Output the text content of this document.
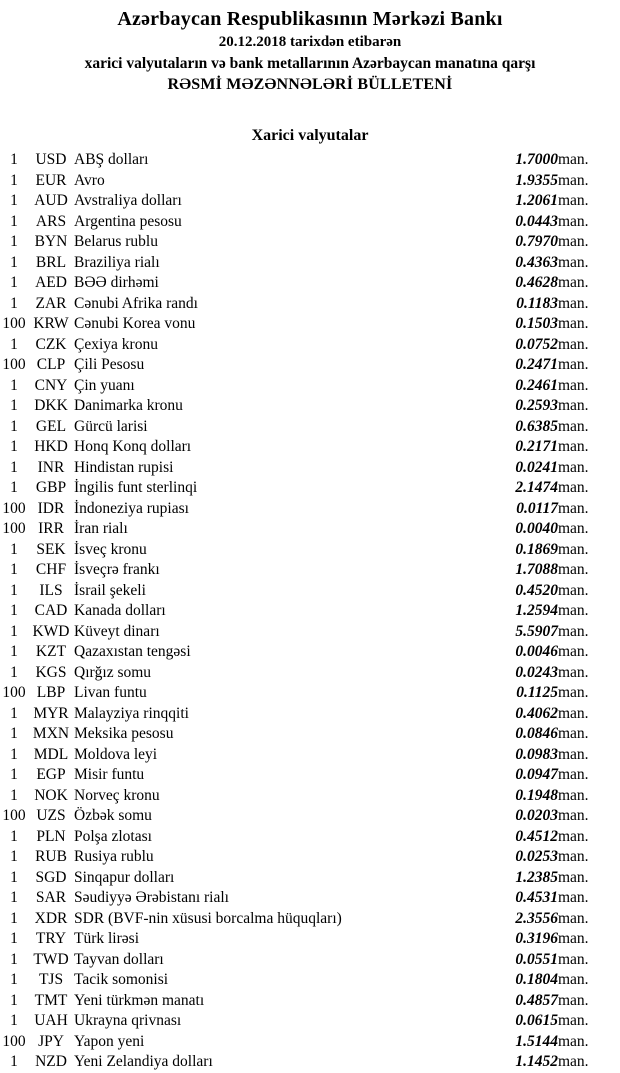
Azərbaycan Respublikasının Mərkəzi Bankı
20.12.2018 tarixdən etibarən
xarici valyutaların və bank metallarının Azərbaycan manatına qarşı
RƏSMİ MƏZƏNNƏLƏRİ BÜLLETENİ
Xarici valyutalar
1	USD	ABŞ dolları	1.7000	man.
1	EUR	Avro	1.9355	man.
1	AUD	Avstraliya dolları	1.2061	man.
1	ARS	Argentina pesosu	0.0443	man.
1	BYN	Belarus rublu	0.7970	man.
1	BRL	Braziliya rialı	0.4363	man.
1	AED	BƏƏ dirhəmi	0.4628	man.
1	ZAR	Cənubi Afrika randı	0.1183	man.
100	KRW	Cənubi Korea vonu	0.1503	man.
1	CZK	Çexiya kronu	0.0752	man.
100	CLP	Çili Pesosu	0.2471	man.
1	CNY	Çin yuanı	0.2461	man.
1	DKK	Danimarka kronu	0.2593	man.
1	GEL	Gürcü larisi	0.6385	man.
1	HKD	Honq Konq dolları	0.2171	man.
1	INR	Hindistan rupisi	0.0241	man.
1	GBP	İngilis funt sterlinqi	2.1474	man.
100	IDR	İndoneziya rupiası	0.0117	man.
100	IRR	İran rialı	0.0040	man.
1	SEK	İsveç kronu	0.1869	man.
1	CHF	İsveçrə frankı	1.7088	man.
1	ILS	İsrail şekeli	0.4520	man.
1	CAD	Kanada dolları	1.2594	man.
1	KWD	Küveyt dinarı	5.5907	man.
1	KZT	Qazaxıstan tengəsi	0.0046	man.
1	KGS	Qırğız somu	0.0243	man.
100	LBP	Livan funtu	0.1125	man.
1	MYR	Malayziya rinqqiti	0.4062	man.
1	MXN	Meksika pesosu	0.0846	man.
1	MDL	Moldova leyi	0.0983	man.
1	EGP	Misir funtu	0.0947	man.
1	NOK	Norveç kronu	0.1948	man.
100	UZS	Özbək somu	0.0203	man.
1	PLN	Polşa zlotası	0.4512	man.
1	RUB	Rusiya rublu	0.0253	man.
1	SGD	Sinqapur dolları	1.2385	man.
1	SAR	Səudiyyə Ərəbistanı rialı	0.4531	man.
1	XDR	SDR (BVF-nin xüsusi borcalma hüquqları)	2.3556	man.
1	TRY	Türk lirəsi	0.3196	man.
1	TWD	Tayvan dolları	0.0551	man.
1	TJS	Tacik somonisi	0.1804	man.
1	TMT	Yeni türkmən manatı	0.4857	man.
1	UAH	Ukrayna qrivnası	0.0615	man.
100	JPY	Yapon yeni	1.5144	man.
1	NZD	Yeni Zelandiya dolları	1.1452	man.
